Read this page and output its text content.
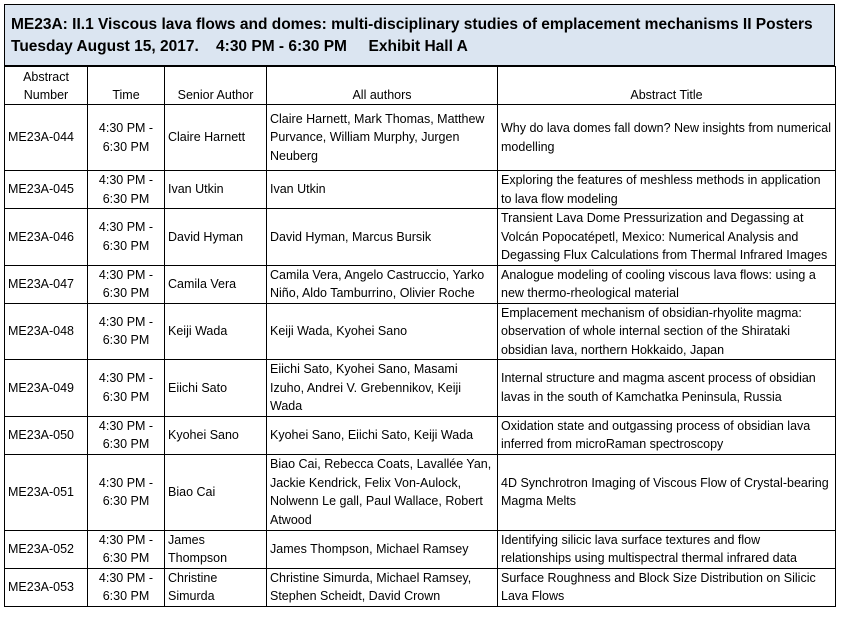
ME23A: II.1 Viscous lava flows and domes: multi-disciplinary studies of emplacement mechanisms II Posters
Tuesday August 15, 2017. 4:30 PM - 6:30 PM Exhibit Hall A
Abstract Number	Time	Senior Author	All authors	Abstract Title
ME23A-044	4:30 PM - 6:30 PM	Claire Harnett	Claire Harnett, Mark Thomas, Matthew Purvance, William Murphy, Jurgen Neuberg	Why do lava domes fall down? New insights from numerical modelling
ME23A-045	4:30 PM - 6:30 PM	Ivan Utkin	Ivan Utkin	Exploring the features of meshless methods in application to lava flow modeling
ME23A-046	4:30 PM - 6:30 PM	David Hyman	David Hyman, Marcus Bursik	Transient Lava Dome Pressurization and Degassing at Volcán Popocatépetl, Mexico: Numerical Analysis and Degassing Flux Calculations from Thermal Infrared Images
ME23A-047	4:30 PM - 6:30 PM	Camila Vera	Camila Vera, Angelo Castruccio, Yarko Niño, Aldo Tamburrino, Olivier Roche	Analogue modeling of cooling viscous lava flows: using a new thermo-rheological material
ME23A-048	4:30 PM - 6:30 PM	Keiji Wada	Keiji Wada, Kyohei Sano	Emplacement mechanism of obsidian-rhyolite magma: observation of whole internal section of the Shirataki obsidian lava, northern Hokkaido, Japan
ME23A-049	4:30 PM - 6:30 PM	Eiichi Sato	Eiichi Sato, Kyohei Sano, Masami Izuho, Andrei V. Grebennikov, Keiji Wada	Internal structure and magma ascent process of obsidian lavas in the south of Kamchatka Peninsula, Russia
ME23A-050	4:30 PM - 6:30 PM	Kyohei Sano	Kyohei Sano, Eiichi Sato, Keiji Wada	Oxidation state and outgassing process of obsidian lava inferred from microRaman spectroscopy
ME23A-051	4:30 PM - 6:30 PM	Biao Cai	Biao Cai, Rebecca Coats, Lavallée Yan, Jackie Kendrick, Felix Von-Aulock, Nolwenn Le gall, Paul Wallace, Robert Atwood	4D Synchrotron Imaging of Viscous Flow of Crystal-bearing Magma Melts
ME23A-052	4:30 PM - 6:30 PM	James Thompson	James Thompson, Michael Ramsey	Identifying silicic lava surface textures and flow relationships using multispectral thermal infrared data
ME23A-053	4:30 PM - 6:30 PM	Christine Simurda	Christine Simurda, Michael Ramsey, Stephen Scheidt, David Crown	Surface Roughness and Block Size Distribution on Silicic Lava Flows
